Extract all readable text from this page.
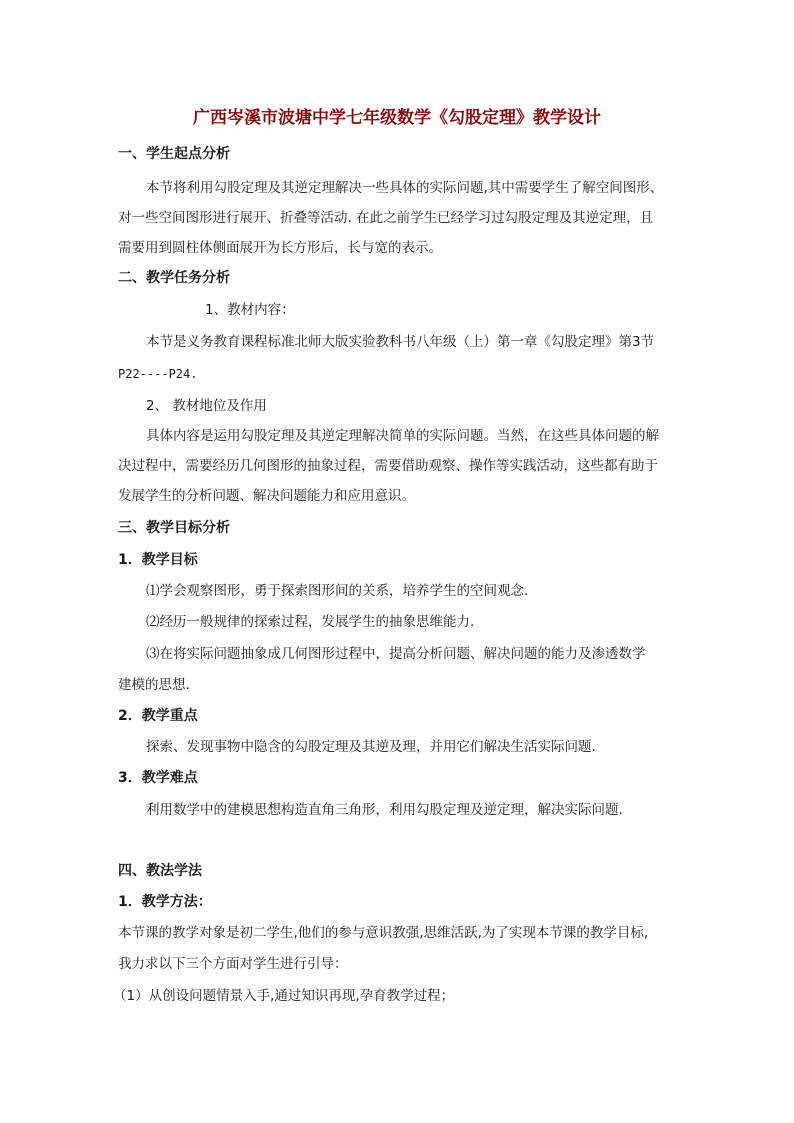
广西岑溪市波塘中学七年级数学《勾股定理》教学设计
一、学生起点分析
本节将利用勾股定理及其逆定理解决一些具体的实际问题,其中需要学生了解空间图形、
对一些空间图形进行展开、折叠等活动. 在此之前学生已经学习过勾股定理及其逆定理，且
需要用到圆柱体侧面展开为长方形后，长与宽的表示。
二、教学任务分析
1、教材内容：
本节是义务教育课程标准北师大版实验教科书八年级（上）第一章《勾股定理》第3节
P22----P24.
2、 教材地位及作用
具体内容是运用勾股定理及其逆定理解决简单的实际问题。当然，在这些具体问题的解
决过程中，需要经历几何图形的抽象过程，需要借助观察、操作等实践活动，这些都有助于
发展学生的分析问题、解决问题能力和应用意识。
三、教学目标分析
1．教学目标
⑴学会观察图形，勇于探索图形间的关系，培养学生的空间观念.
⑵经历一般规律的探索过程，发展学生的抽象思维能力.
⑶在将实际问题抽象成几何图形过程中，提高分析问题、解决问题的能力及渗透数学
建模的思想.
2．教学重点
探索、发现事物中隐含的勾股定理及其逆及理，并用它们解决生活实际问题.
3．教学难点
利用数学中的建模思想构造直角三角形，利用勾股定理及逆定理，解决实际问题.
四、教法学法
1．教学方法：
本节课的教学对象是初二学生,他们的参与意识教强,思维活跃,为了实现本节课的教学目标,
我力求以下三个方面对学生进行引导：
（1）从创设问题情景入手,通过知识再现,孕育教学过程；
